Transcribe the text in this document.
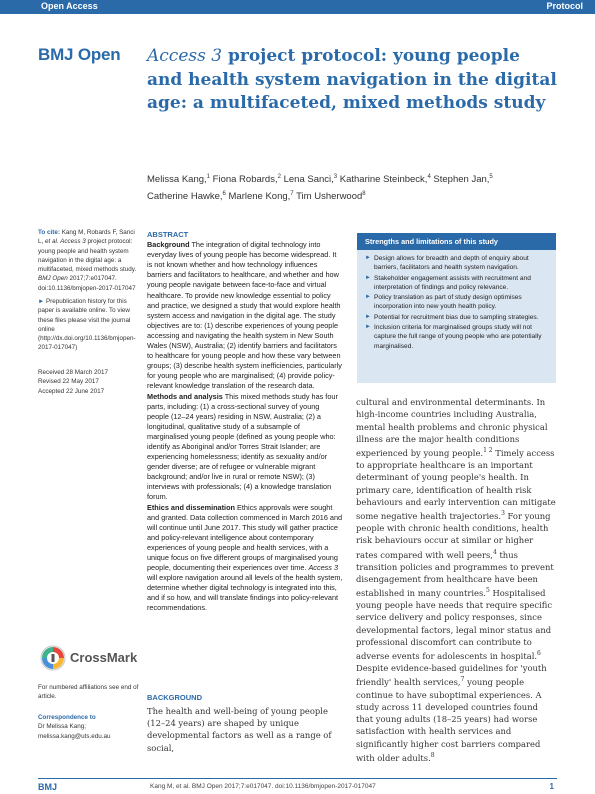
Open Access	Protocol
BMJ Open Access 3 project protocol: young people and health system navigation in the digital age: a multifaceted, mixed methods study
Melissa Kang,$^1$ Fiona Robards,$^2$ Lena Sanci,$^3$ Katharine Steinbeck,$^4$ Stephen Jan,$^5$
Catherine Hawke,$^6$ Marlene Kong,$^7$ Tim Usherwood$^8$
To cite: Kang M, Robards F, Sanci L, et al. Access 3 project protocol: young people and health system navigation in the digital age: a multifaceted, mixed methods study. BMJ Open 2017;7:e017047. doi:10.1136/bmjopen-2017-017047
► Prepublication history for this paper is available online. To view these files please visit the journal online (http://dx.doi.org/10.1136/bmjopen-2017-017047)
Received 28 March 2017
Revised 22 May 2017
Accepted 22 June 2017
CrossMark
For numbered affiliations see end of article.
Correspondence to
Dr Melissa Kang;
melissa.kang@uts.edu.au
ABSTRACT

Background The integration of digital technology into everyday lives of young people has become widespread. It is not known whether and how technology influences barriers and facilitators to healthcare, and whether and how young people navigate between face-to-face and virtual healthcare. To provide new knowledge essential to policy and practice, we designed a study that would explore health system access and navigation in the digital age. The study objectives are to: (1) describe experiences of young people accessing and navigating the health system in New South Wales (NSW), Australia; (2) identify barriers and facilitators to healthcare for young people and how these vary between groups; (3) describe health system inefficiencies, particularly for young people who are marginalised; (4) provide policy-relevant knowledge translation of the research data.

Methods and analysis This mixed methods study has four parts, including: (1) a cross-sectional survey of young people (12–24 years) residing in NSW, Australia; (2) a longitudinal, qualitative study of a subsample of marginalised young people (defined as young people who: identify as Aboriginal and/or Torres Strait Islander; are experiencing homelessness; identify as sexuality and/or gender diverse; are of refugee or vulnerable migrant background; and/or live in rural or remote NSW); (3) interviews with professionals; (4) a knowledge translation forum.

Ethics and dissemination Ethics approvals were sought and granted. Data collection commenced in March 2016 and will continue until June 2017. This study will gather practice and policy-relevant intelligence about contemporary experiences of young people and health services, with a unique focus on five different groups of marginalised young people, documenting their experiences over time. Access 3 will explore navigation around all levels of the health system, determine whether digital technology is integrated into this, and if so how, and will translate findings into policy-relevant recommendations.

Strengths and limitations of this study
► Design allows for breadth and depth of enquiry about barriers, facilitators and health system navigation.
► Stakeholder engagement assists with recruitment and interpretation of findings and policy relevance.
► Policy translation as part of study design optimises incorporation into new youth health policy.
► Potential for recruitment bias due to sampling strategies.
► Inclusion criteria for marginalised groups study will not capture the full range of young people who are potentially marginalised.
BACKGROUND

The health and well-being of young people (12–24 years) are shaped by unique developmental factors as well as a range of social,

cultural and environmental determinants. In high-income countries including Australia, mental health problems and chronic physical illness are the major health conditions experienced by young people.$^{1 2}$ Timely access to appropriate healthcare is an important determinant of young people's health. In primary care, identification of health risk behaviours and early intervention can mitigate some negative health trajectories.$^3$ For young people with chronic health conditions, health risk behaviours occur at similar or higher rates compared with well peers,$^4$ thus transition policies and programmes to prevent disengagement from healthcare have been established in many countries.$^5$ Hospitalised young people have needs that require specific service delivery and policy responses, since developmental factors, legal minor status and professional discomfort can contribute to adverse events for adolescents in hospital.$^6$ Despite evidence-based guidelines for 'youth friendly' health services,$^7$ young people continue to have suboptimal experiences. A study across 11 developed countries found that young adults (18–25 years) had worse satisfaction with health services and significantly higher cost barriers compared with older adults.$^8$

BMJ	Kang M, et al. BMJ Open 2017;7:e017047. doi:10.1136/bmjopen-2017-017047	1
